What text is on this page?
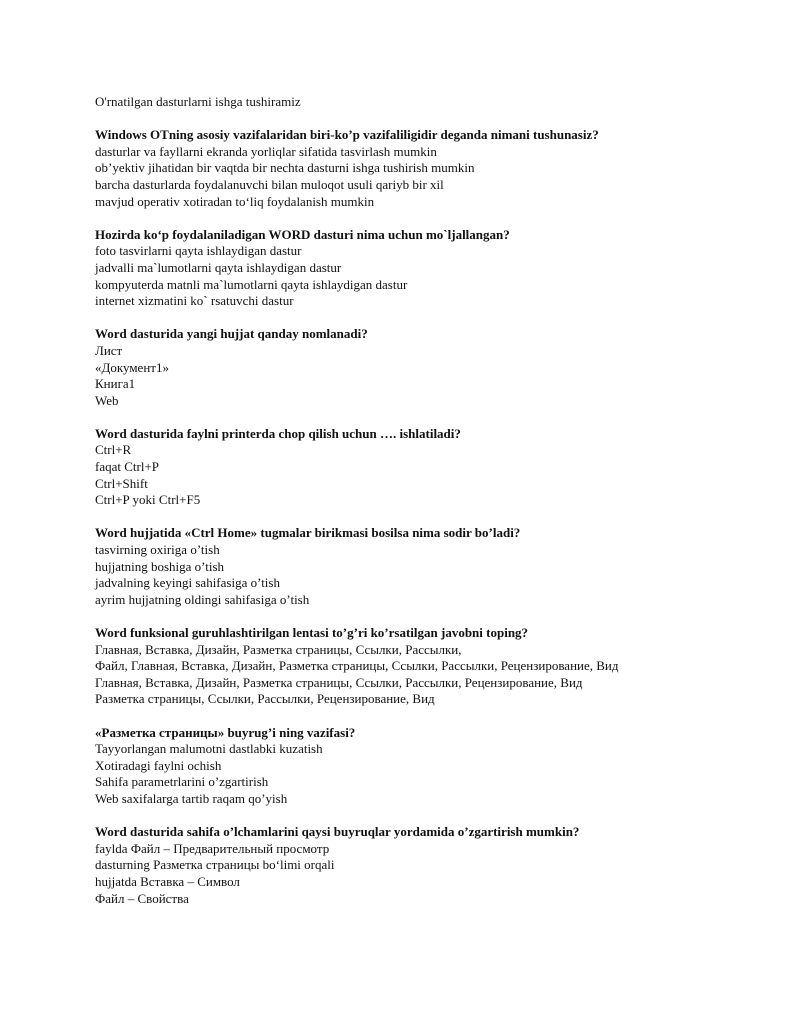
O'rnatilgan dasturlarni ishga tushiramiz
Windows OTning asosiy vazifalaridan biri-ko’p vazifaliligidir deganda nimani tushunasiz?
dasturlar va fayllarni ekranda yorliqlar sifatida tasvirlash mumkin
ob’yektiv jihatidan bir vaqtda bir nechta dasturni ishga tushirish mumkin
barcha dasturlarda foydalanuvchi bilan muloqot usuli qariyb bir xil
mavjud operativ xotiradan to‘liq foydalanish mumkin
Hozirda ko‘p foydalaniladigan WORD dasturi nima uchun mo`ljallangan?
foto tasvirlarni qayta ishlaydigan dastur
jadvalli ma`lumotlarni qayta ishlaydigan dastur
kompyuterda matnli ma`lumotlarni qayta ishlaydigan dastur
internet xizmatini ko` rsatuvchi dastur
Word dasturida yangi hujjat qanday nomlanadi?
Лист
«Документ1»
Книга1
Web
Word dasturida faylni printerda chop qilish uchun …. ishlatiladi?
Ctrl+R
faqat Ctrl+P
Ctrl+Shift
Ctrl+P yoki Ctrl+F5
Word hujjatida «Ctrl Home» tugmalar birikmasi bosilsa nima sodir bo’ladi?
tasvirning oxiriga o’tish
hujjatning boshiga o’tish
jadvalning keyingi sahifasiga o’tish
ayrim hujjatning oldingi sahifasiga o’tish
Word funksional guruhlashtirilgan lentasi to’g’ri ko’rsatilgan javobni toping?
Главная, Вставка, Дизайн, Разметка страницы, Ссылки, Рассылки,
Файл, Главная, Вставка, Дизайн, Разметка страницы, Ссылки, Рассылки, Рецензирование, Вид
Главная, Вставка, Дизайн, Разметка страницы, Ссылки, Рассылки, Рецензирование, Вид
Разметка страницы, Ссылки, Рассылки, Рецензирование, Вид
«Разметка страницы» buyrug’i ning vazifasi?
Tayyorlangan malumotni dastlabki kuzatish
Xotiradagi faylni ochish
Sahifa parametrlarini o’zgartirish
Web saxifalarga tartib raqam qo’yish
Word dasturida sahifa o’lchamlarini qaysi buyruqlar yordamida o’zgartirish mumkin?
faylda Файл – Предварительный просмотр
dasturning Разметка страницы bo‘limi orqali
hujjatda Вставка – Символ
Файл – Свойства
